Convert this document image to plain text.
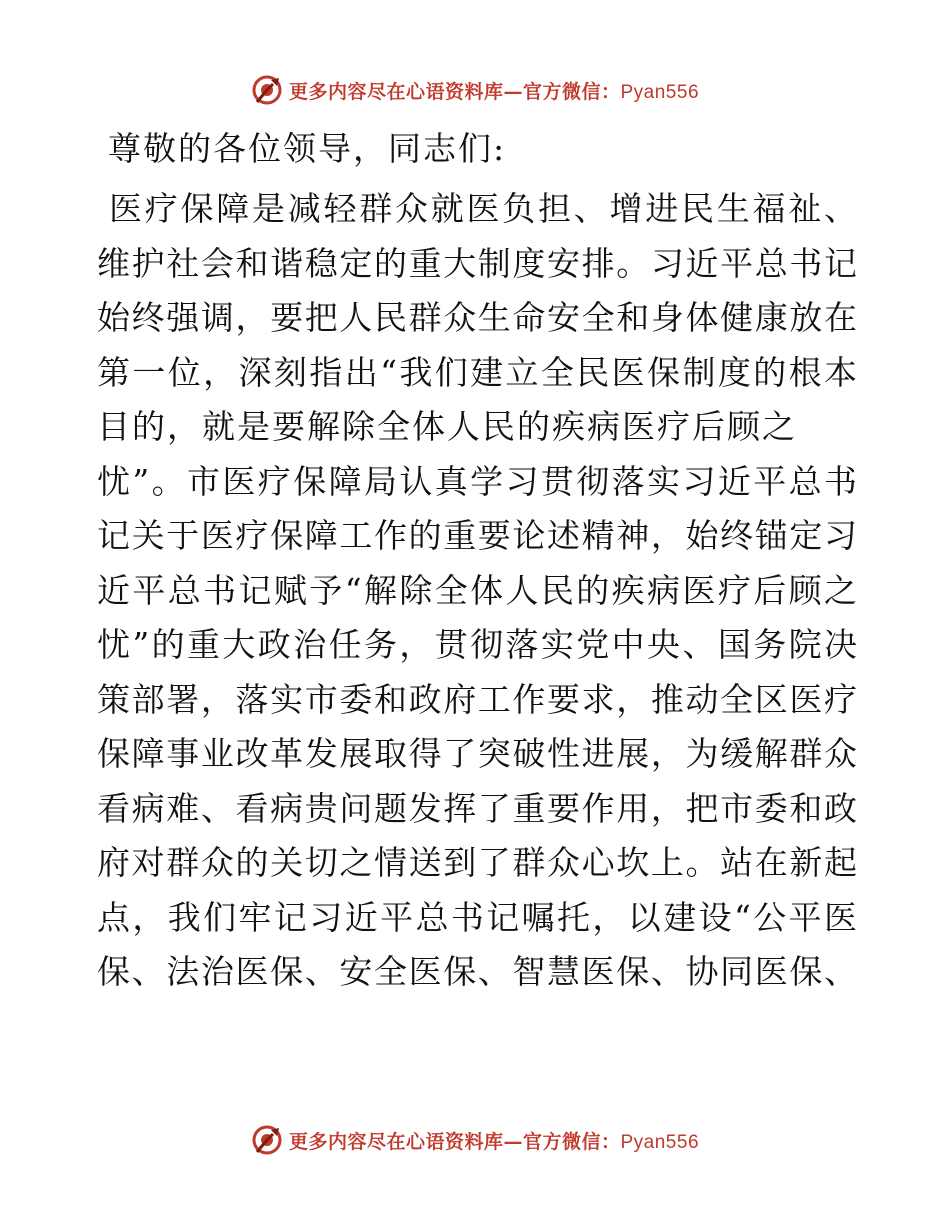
更多内容尽在心语资料库—官方微信：Pyan556
尊敬的各位领导，同志们:
医疗保障是减轻群众就医负担、增进民生福祉、
维护社会和谐稳定的重大制度安排。习近平总书记
始终强调，要把人民群众生命安全和身体健康放在
第一位，深刻指出“我们建立全民医保制度的根本
目的，就是要解除全体人民的疾病医疗后顾之
忧”。市医疗保障局认真学习贯彻落实习近平总书
记关于医疗保障工作的重要论述精神，始终锚定习
近平总书记赋予“解除全体人民的疾病医疗后顾之
忧”的重大政治任务，贯彻落实党中央、国务院决
策部署，落实市委和政府工作要求，推动全区医疗
保障事业改革发展取得了突破性进展，为缓解群众
看病难、看病贵问题发挥了重要作用，把市委和政
府对群众的关切之情送到了群众心坎上。站在新起
点，我们牢记习近平总书记嘱托，以建设“公平医
保、法治医保、安全医保、智慧医保、协同医保、
更多内容尽在心语资料库—官方微信：Pyan556
